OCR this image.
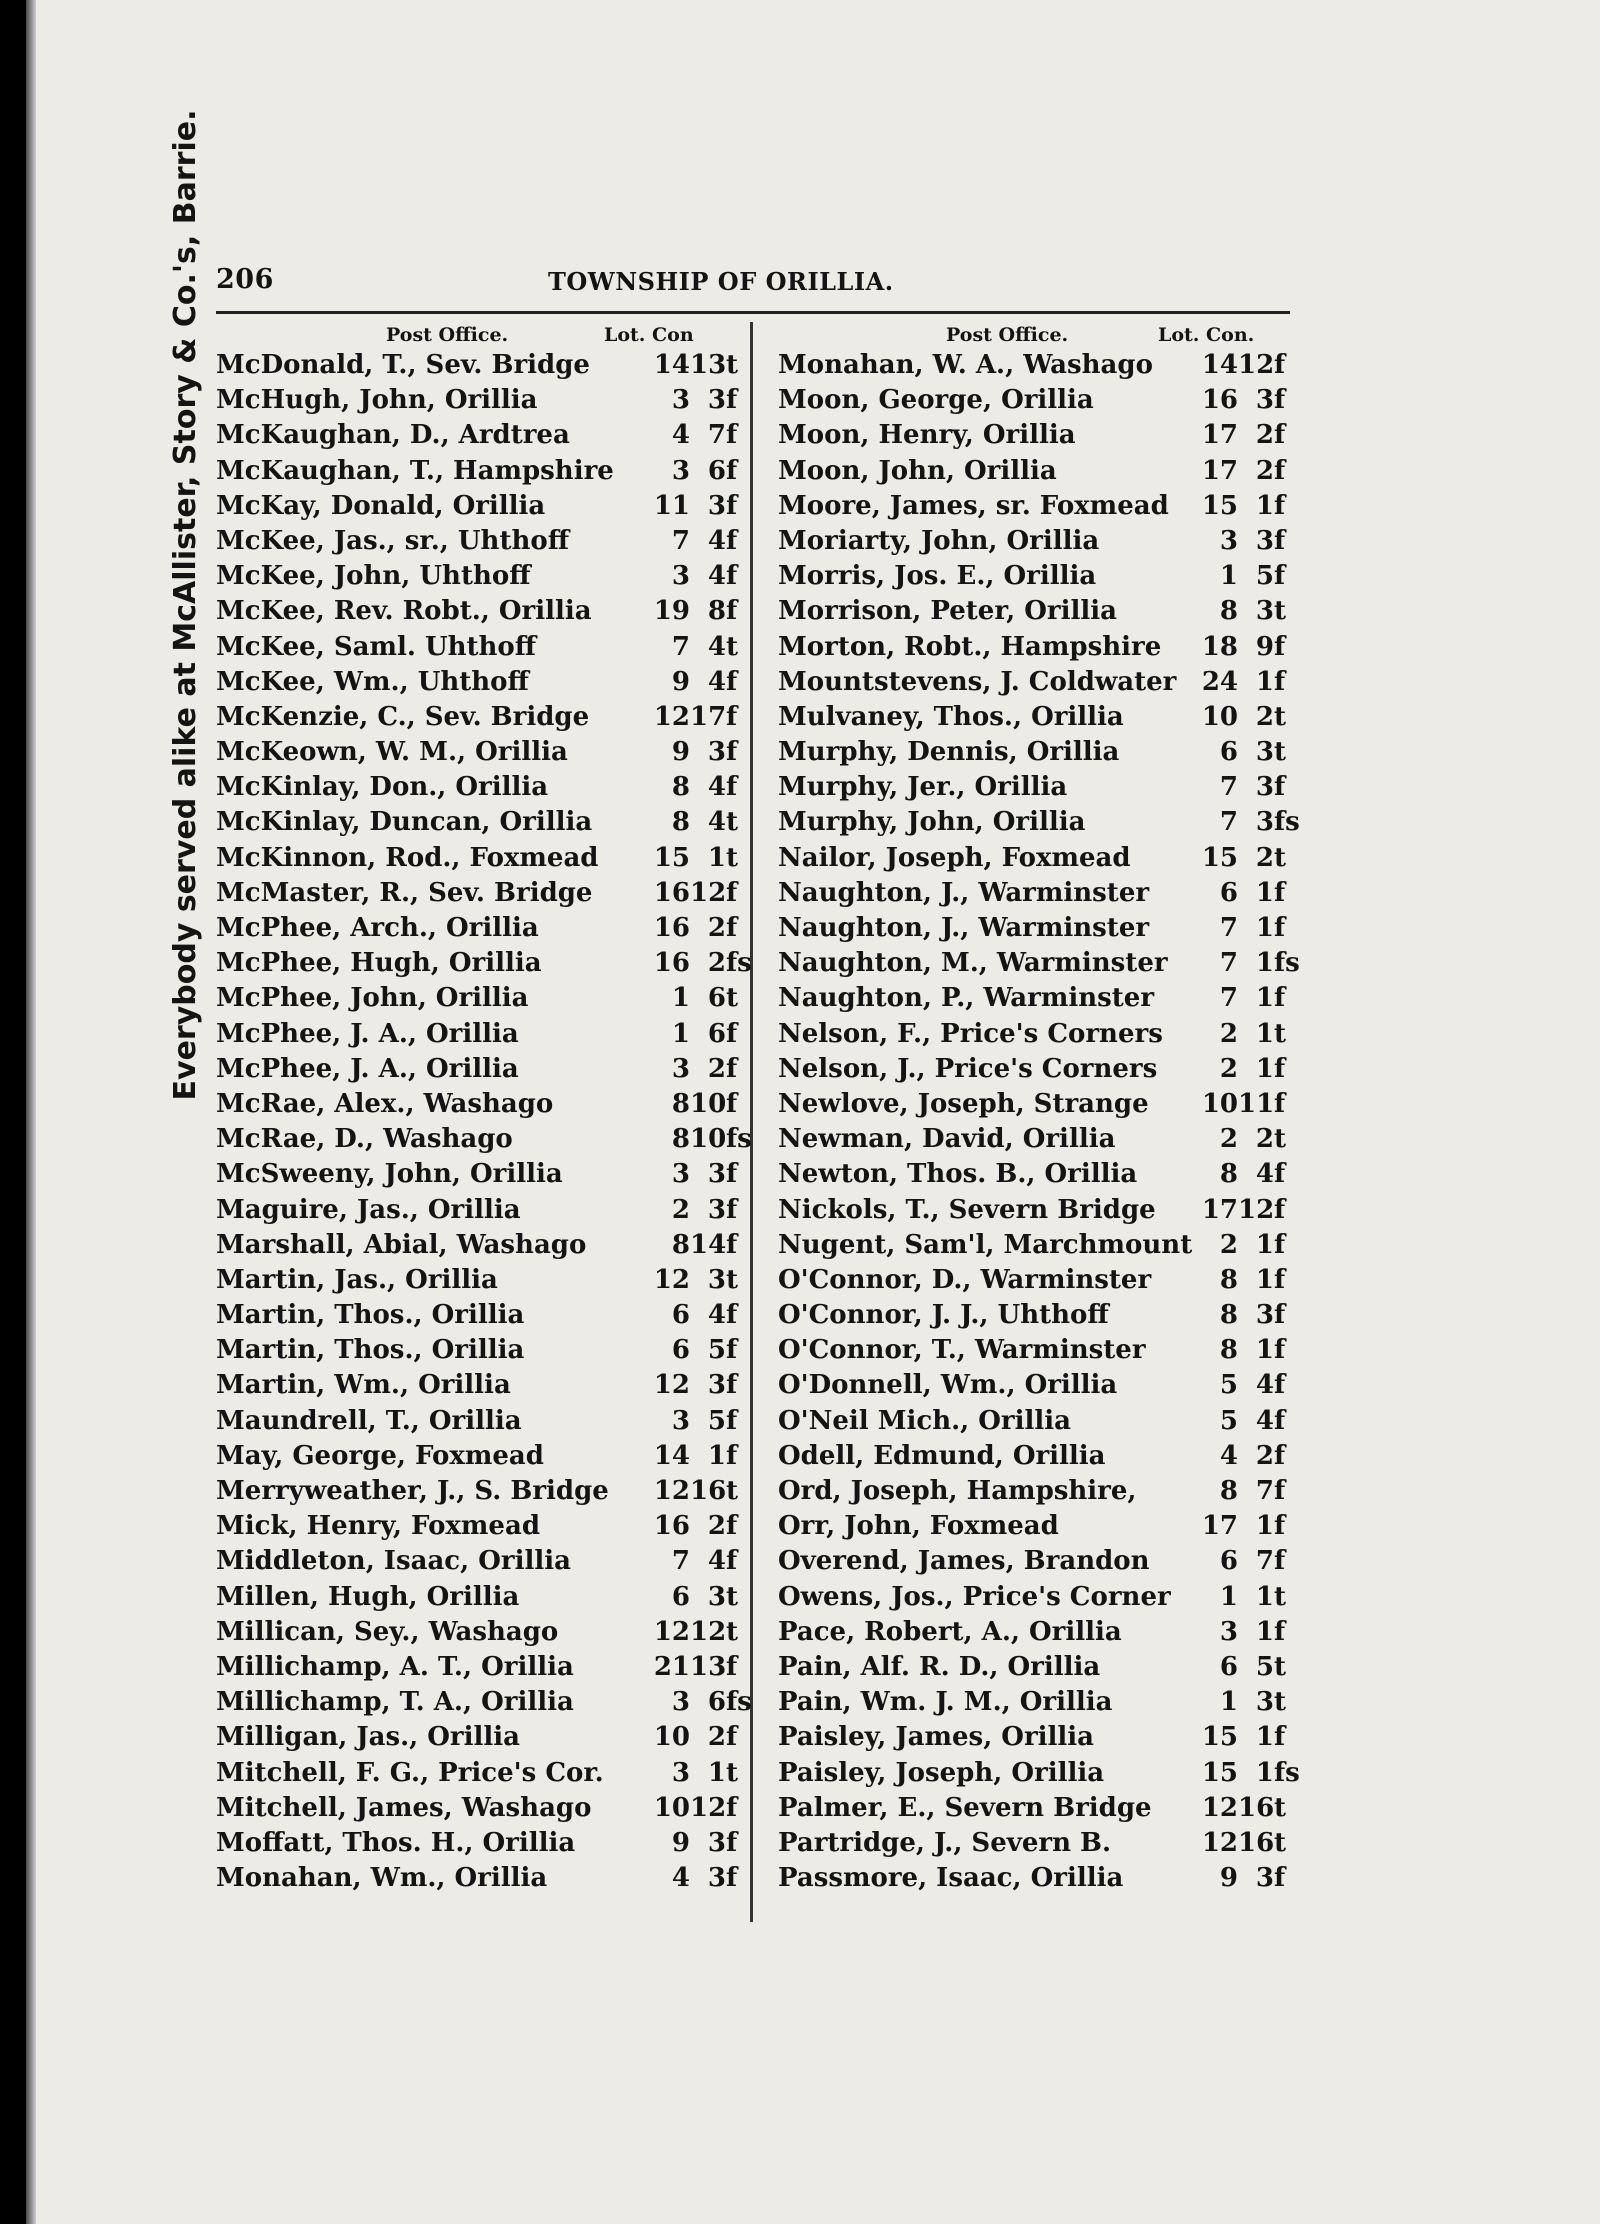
206	TOWNSHIP OF ORILLIA.
Everybody served alike at McAllister, Story & Co.'s, Barrie.	Post Office.	Lot. Con
McDonald, T., Sev. Bridge	14 13 t
McHugh, John, Orillia	3 3 f
McKaughan, D., Ardtrea	4 7 f
McKaughan, T., Hampshire	3 6 f
McKay, Donald, Orillia	11 3 f
McKee, Jas., sr., Uhthoff	7 4 f
McKee, John, Uhthoff	3 4 f
McKee, Rev. Robt., Orillia	19 8 f
McKee, Saml. Uhthoff	7 4 t
McKee, Wm., Uhthoff	9 4 f
McKenzie, C., Sev. Bridge	12 17 f
McKeown, W. M., Orillia	9 3 f
McKinlay, Don., Orillia	8 4 f
McKinlay, Duncan, Orillia	8 4 t
McKinnon, Rod., Foxmead	15 1 t
McMaster, R., Sev. Bridge	16 12 f
McPhee, Arch., Orillia	16 2 f
McPhee, Hugh, Orillia	16 2 fs
McPhee, John, Orillia	1 6 t
McPhee, J. A., Orillia	1 6 f
McPhee, J. A., Orillia	3 2 f
McRae, Alex., Washago	8 10 f
McRae, D., Washago	8 10 fs
McSweeny, John, Orillia	3 3 f
Maguire, Jas., Orillia	2 3 f
Marshall, Abial, Washago	8 14 f
Martin, Jas., Orillia	12 3 t
Martin, Thos., Orillia	6 4 f
Martin, Thos., Orillia	6 5 f
Martin, Wm., Orillia	12 3 f
Maundrell, T., Orillia	3 5 f
May, George, Foxmead	14 1 f
Merryweather, J., S. Bridge	12 16 t
Mick, Henry, Foxmead	16 2 f
Middleton, Isaac, Orillia	7 4 f
Millen, Hugh, Orillia	6 3 t
Millican, Sey., Washago	12 12 t
Millichamp, A. T., Orillia	21 13 f
Millichamp, T. A., Orillia	3 6 fs
Milligan, Jas., Orillia	10 2 f
Mitchell, F. G., Price's Cor.	3 1 t
Mitchell, James, Washago	10 12 f
Moffatt, Thos. H., Orillia	9 3 f
Monahan, Wm., Orillia	4 3 f
Post Office.	Lot. Con.
Monahan, W. A., Washago	14 12 f
Moon, George, Orillia	16 3 f
Moon, Henry, Orillia	17 2 f
Moon, John, Orillia	17 2 f
Moore, James, sr. Foxmead	15 1 f
Moriarty, John, Orillia	3 3 f
Morris, Jos. E., Orillia	1 5 f
Morrison, Peter, Orillia	8 3 t
Morton, Robt., Hampshire	18 9 f
Mountstevens, J. Coldwater 24 1 f
Mulvaney, Thos., Orillia	10 2 t
Murphy, Dennis, Orillia	6 3 t
Murphy, Jer., Orillia	7 3 f
Murphy, John, Orillia	7 3 fs
Nailor, Joseph, Foxmead	15 2 t
Naughton, J., Warminster	6 1 f
Naughton, J., Warminster	7 1 f
Naughton, M., Warminster	7 1 fs
Naughton, P., Warminster	7 1 f
Nelson, F., Price's Corners	2 1 t
Nelson, J., Price's Corners	2 1 f
Newlove, Joseph, Strange	10 11 f
Newman, David, Orillia	2 2 t
Newton, Thos. B., Orillia	8 4 f
Nickols, T., Severn Bridge	17 12 f
Nugent, Sam'l, Marchmount	2 1 f
O'Connor, D., Warminster	8 1 f
O'Connor, J. J., Uhthoff	8 3 f
O'Connor, T., Warminster	8 1 f
O'Donnell, Wm., Orillia	5 4 f
O'Neil Mich., Orillia	5 4 f
Odell, Edmund, Orillia	4 2 f
Ord, Joseph, Hampshire,	8 7 f
Orr, John, Foxmead	17 1 f
Overend, James, Brandon	6 7 f
Owens, Jos., Price's Corner	1 1 t
Pace, Robert, A., Orillia	3 1 f
Pain, Alf. R. D., Orillia	6 5 t
Pain, Wm. J. M., Orillia	1 3 t
Paisley, James, Orillia	15 1 f
Paisley, Joseph, Orillia	15 1 fs
Palmer, E., Severn Bridge	12 16 t
Partridge, J., Severn B.	12 16 t
Passmore, Isaac, Orillia	9 3 f
